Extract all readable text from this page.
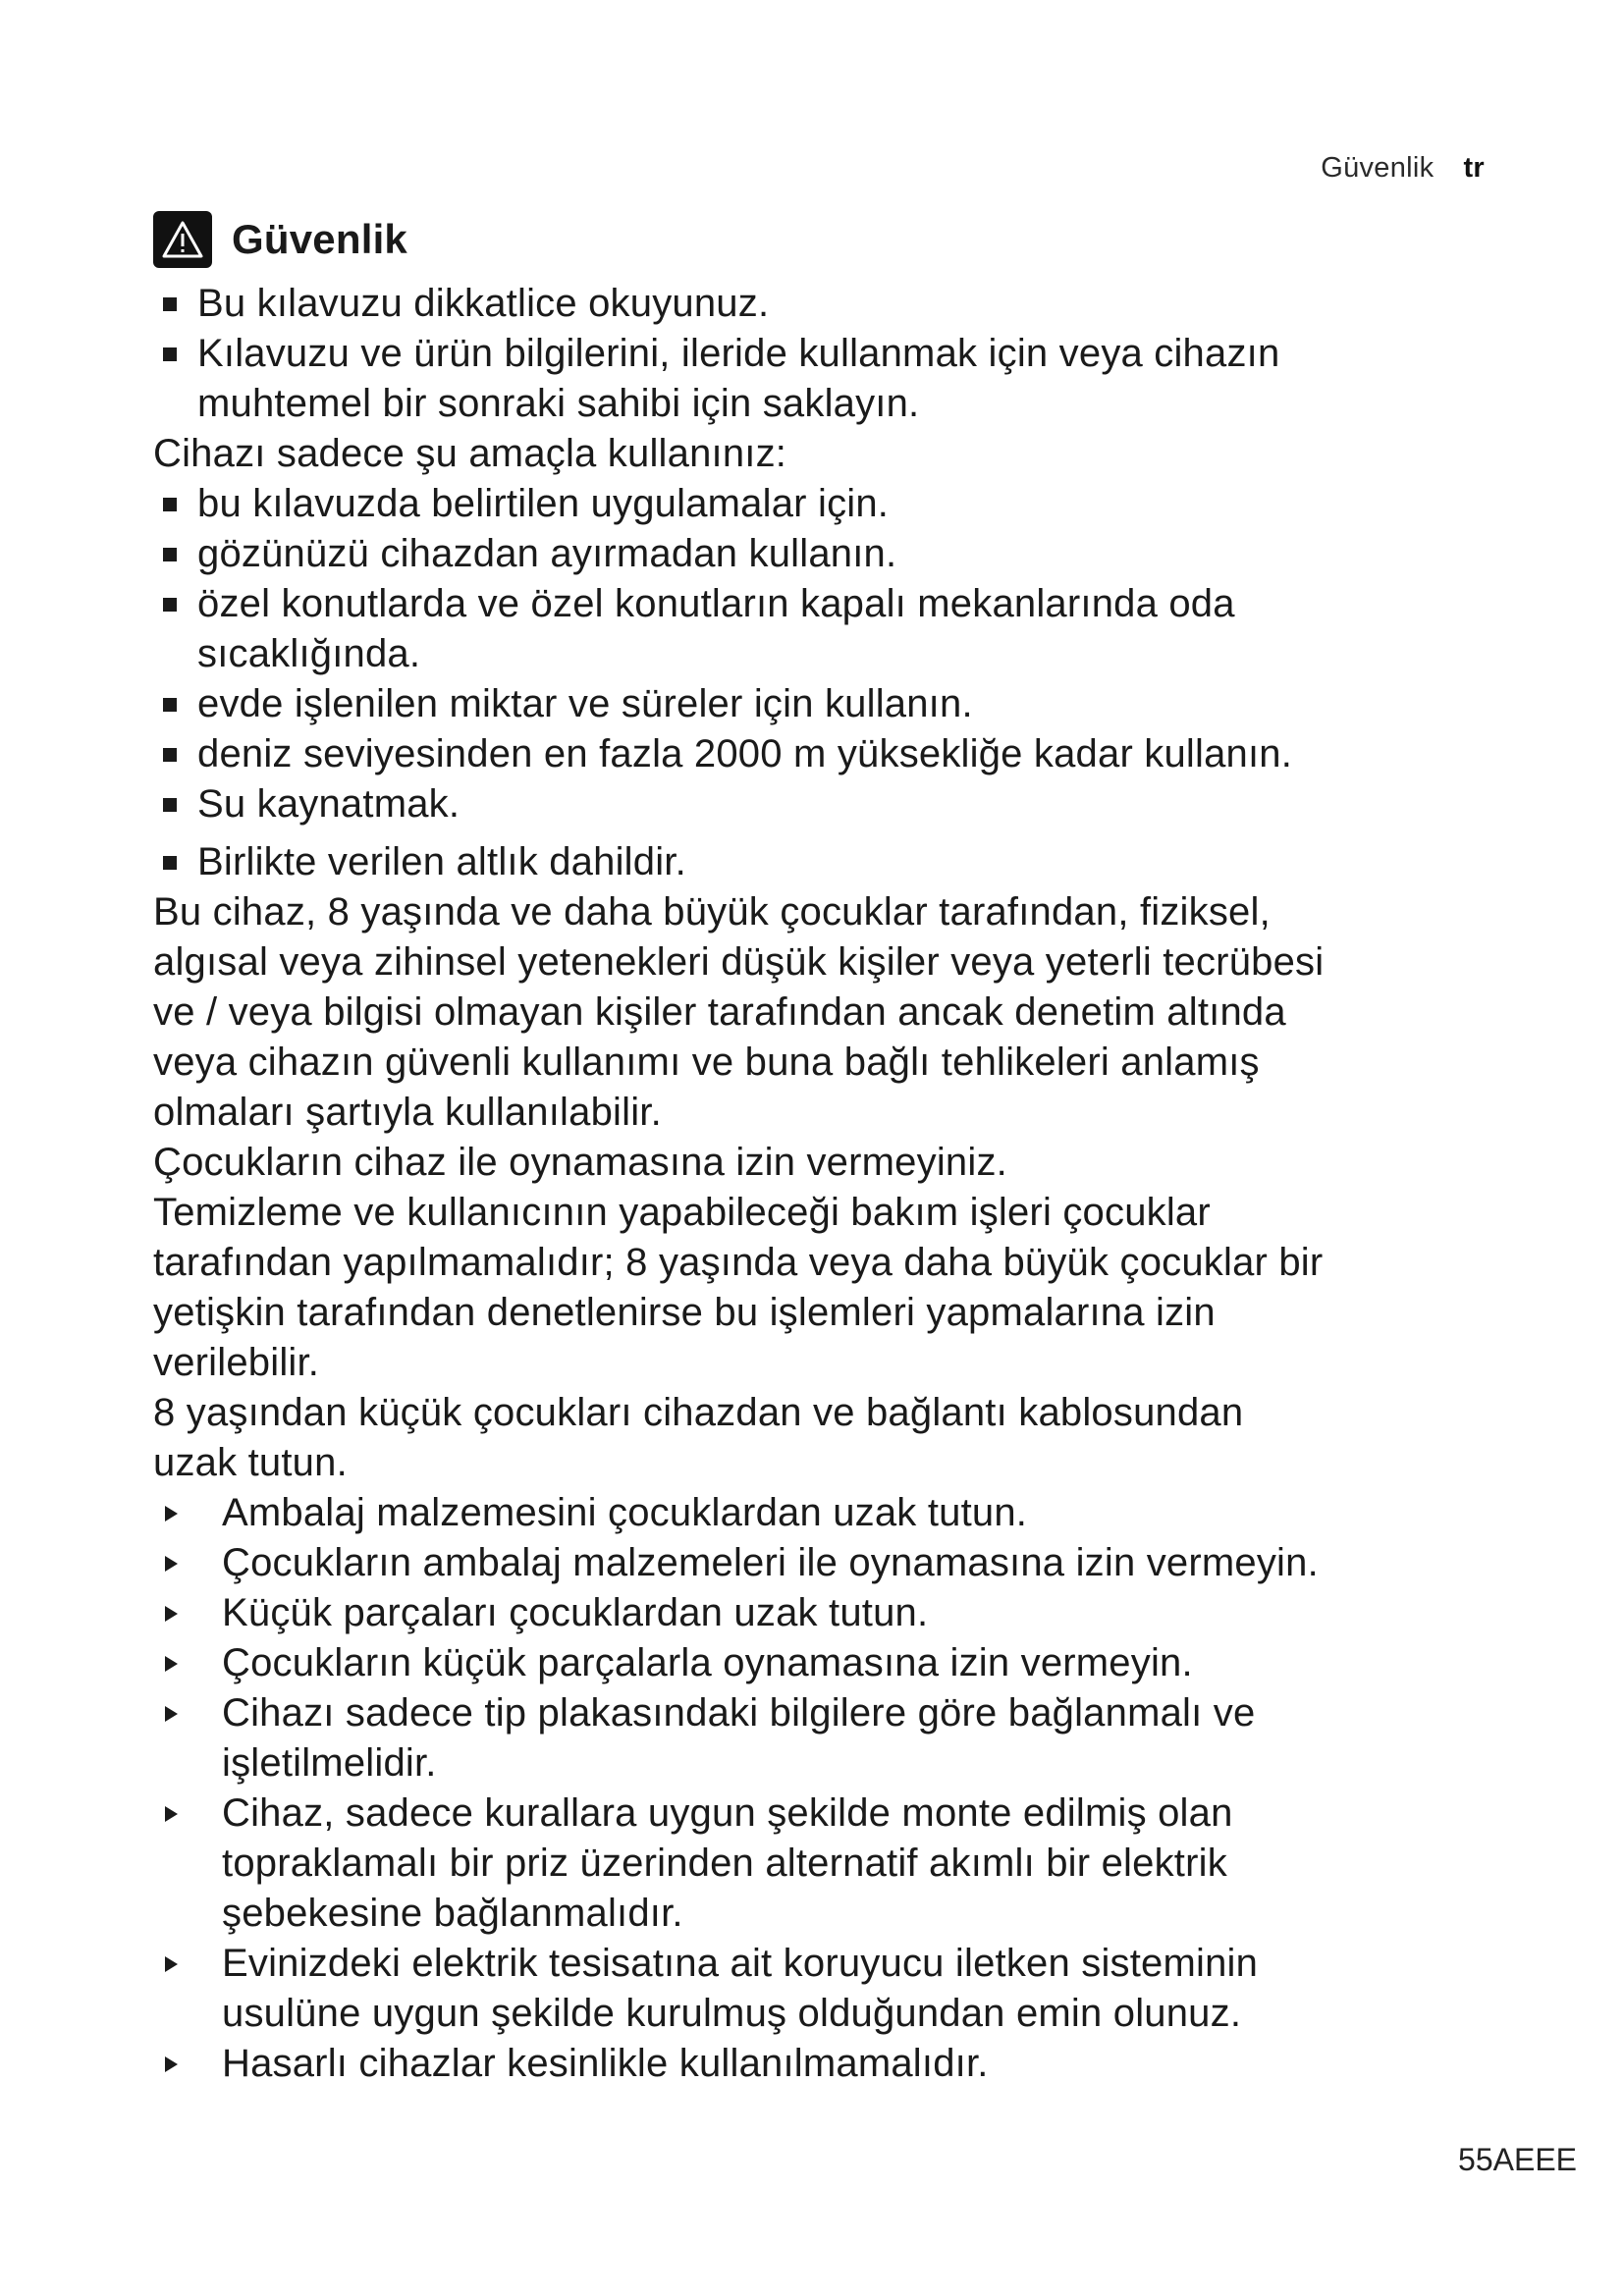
Güvenlik tr
Güvenlik
Bu kılavuzu dikkatlice okuyunuz.
Kılavuzu ve ürün bilgilerini, ileride kullanmak için veya cihazın
muhtemel bir sonraki sahibi için saklayın.
Cihazı sadece şu amaçla kullanınız:
bu kılavuzda belirtilen uygulamalar için.
gözünüzü cihazdan ayırmadan kullanın.
özel konutlarda ve özel konutların kapalı mekanlarında oda
sıcaklığında.
evde işlenilen miktar ve süreler için kullanın.
deniz seviyesinden en fazla 2000 m yüksekliğe kadar kullanın.
Su kaynatmak.
Birlikte verilen altlık dahildir.
Bu cihaz, 8 yaşında ve daha büyük çocuklar tarafından, fiziksel,
algısal veya zihinsel yetenekleri düşük kişiler veya yeterli tecrübesi
ve / veya bilgisi olmayan kişiler tarafından ancak denetim altında
veya cihazın güvenli kullanımı ve buna bağlı tehlikeleri anlamış
olmaları şartıyla kullanılabilir.
Çocukların cihaz ile oynamasına izin vermeyiniz.
Temizleme ve kullanıcının yapabileceği bakım işleri çocuklar
tarafından yapılmamalıdır; 8 yaşında veya daha büyük çocuklar bir
yetişkin tarafından denetlenirse bu işlemleri yapmalarına izin
verilebilir.
8 yaşından küçük çocukları cihazdan ve bağlantı kablosundan
uzak tutun.
Ambalaj malzemesini çocuklardan uzak tutun.
Çocukların ambalaj malzemeleri ile oynamasına izin vermeyin.
Küçük parçaları çocuklardan uzak tutun.
Çocukların küçük parçalarla oynamasına izin vermeyin.
Cihazı sadece tip plakasındaki bilgilere göre bağlanmalı ve
işletilmelidir.
Cihaz, sadece kurallara uygun şekilde monte edilmiş olan
topraklamalı bir priz üzerinden alternatif akımlı bir elektrik
şebekesine bağlanmalıdır.
Evinizdeki elektrik tesisatına ait koruyucu iletken sisteminin
usulüne uygun şekilde kurulmuş olduğundan emin olunuz.
Hasarlı cihazlar kesinlikle kullanılmamalıdır.
55AEEE
